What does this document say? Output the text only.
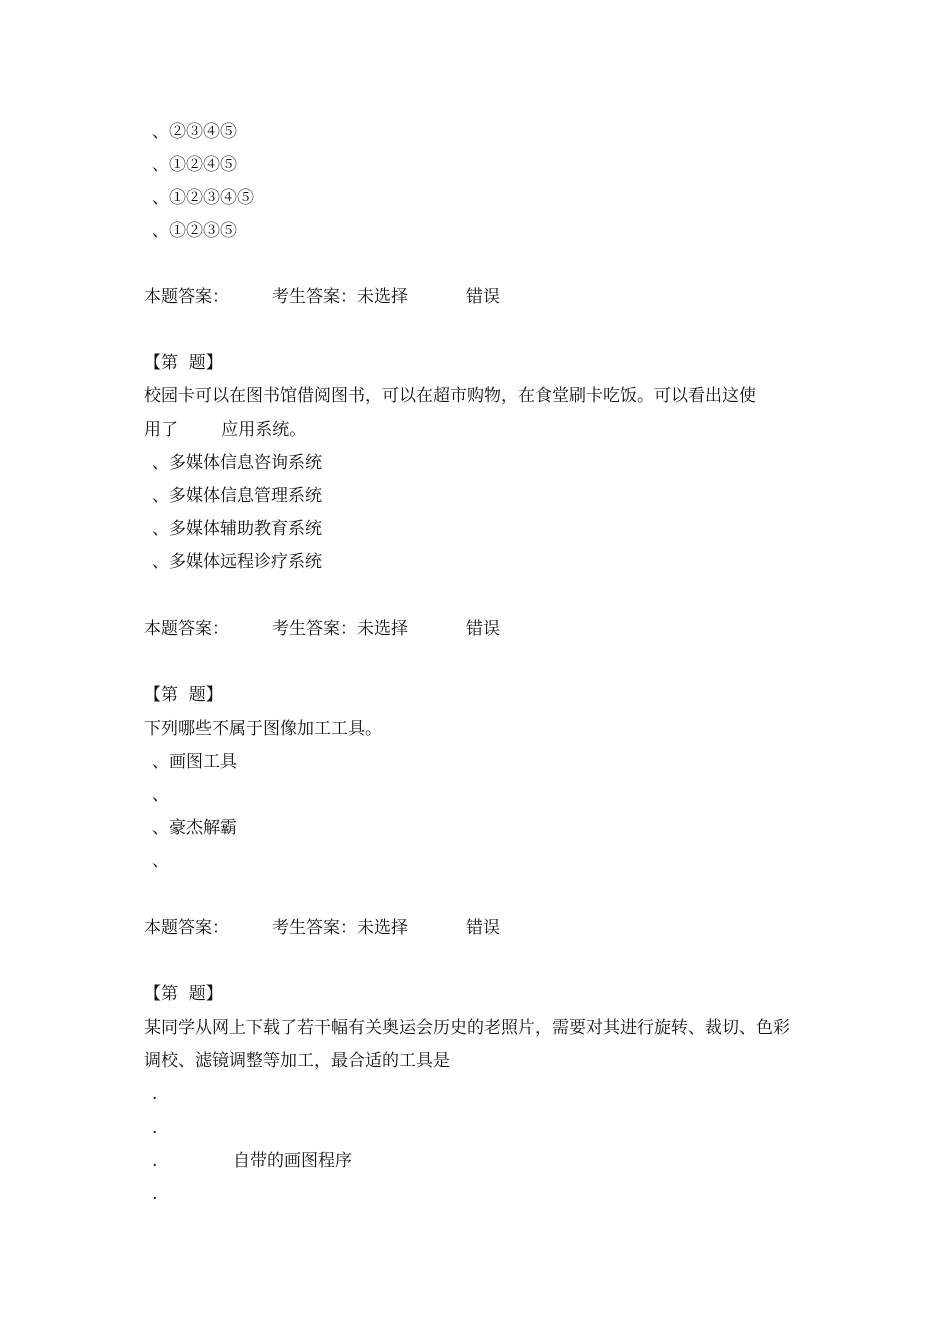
、②③④⑤
、①②④⑤
、①②③④⑤
、①②③⑤
本题答案：	考生答案：未选择	错误
【第  题】
校园卡可以在图书馆借阅图书，可以在超市购物，在食堂刷卡吃饭。可以看出这使
用了        应用系统。
、多媒体信息咨询系统
、多媒体信息管理系统
、多媒体辅助教育系统
、多媒体远程诊疗系统
本题答案：	考生答案：未选择	错误
【第  题】
下列哪些不属于图像加工工具。
、画图工具
、
、豪杰解霸
、
本题答案：	考生答案：未选择	错误
【第  题】
某同学从网上下载了若干幅有关奥运会历史的老照片，需要对其进行旋转、裁切、色彩
调校、滤镜调整等加工，最合适的工具是
.
.
.              自带的画图程序
.
